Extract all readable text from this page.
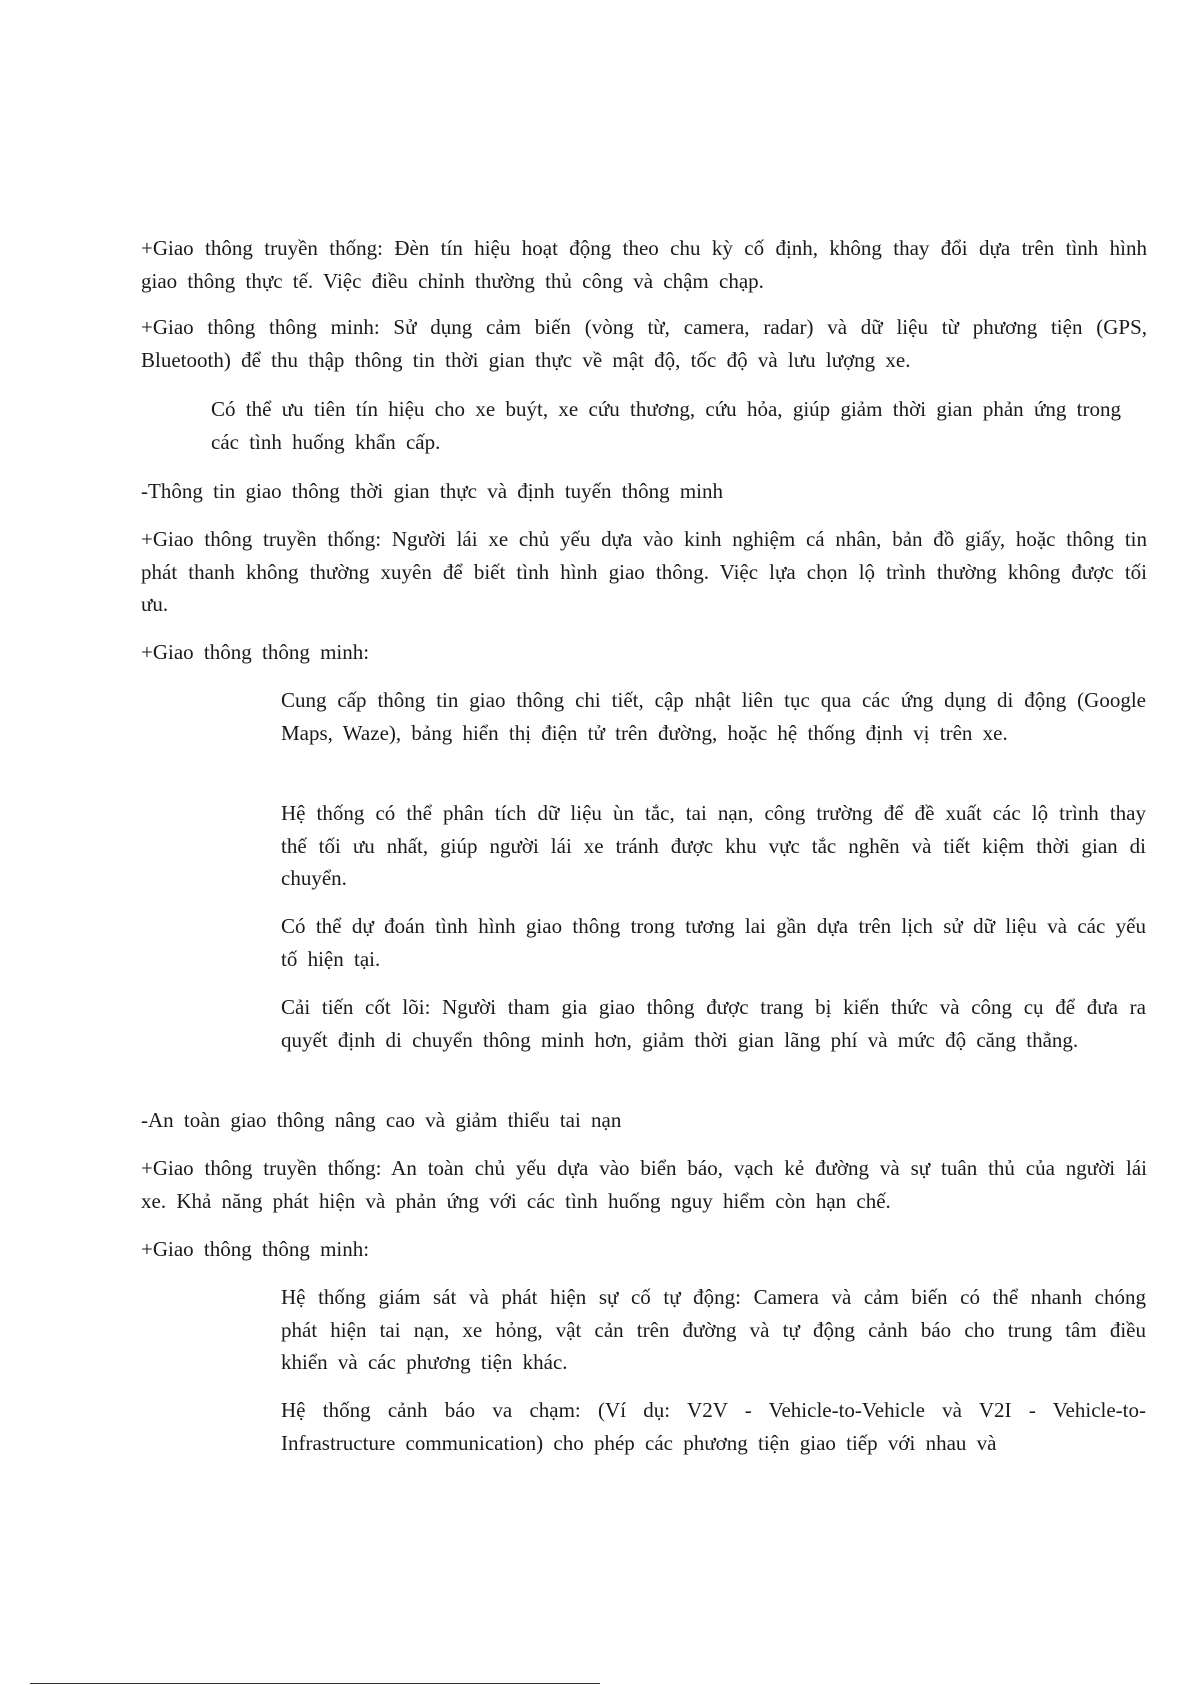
+Giao thông truyền thống: Đèn tín hiệu hoạt động theo chu kỳ cố định, không thay đổi dựa trên tình hình giao thông thực tế. Việc điều chỉnh thường thủ công và chậm chạp.

+Giao thông thông minh: Sử dụng cảm biến (vòng từ, camera, radar) và dữ liệu từ phương tiện (GPS, Bluetooth) để thu thập thông tin thời gian thực về mật độ, tốc độ và lưu lượng xe.

Có thể ưu tiên tín hiệu cho xe buýt, xe cứu thương, cứu hỏa, giúp giảm thời gian phản ứng trong các tình huống khẩn cấp.

-Thông tin giao thông thời gian thực và định tuyến thông minh

+Giao thông truyền thống: Người lái xe chủ yếu dựa vào kinh nghiệm cá nhân, bản đồ giấy, hoặc thông tin phát thanh không thường xuyên để biết tình hình giao thông. Việc lựa chọn lộ trình thường không được tối ưu.

+Giao thông thông minh:

Cung cấp thông tin giao thông chi tiết, cập nhật liên tục qua các ứng dụng di động (Google Maps, Waze), bảng hiển thị điện tử trên đường, hoặc hệ thống định vị trên xe.

Hệ thống có thể phân tích dữ liệu ùn tắc, tai nạn, công trường để đề xuất các lộ trình thay thế tối ưu nhất, giúp người lái xe tránh được khu vực tắc nghẽn và tiết kiệm thời gian di chuyển.

Có thể dự đoán tình hình giao thông trong tương lai gần dựa trên lịch sử dữ liệu và các yếu tố hiện tại.

Cải tiến cốt lõi: Người tham gia giao thông được trang bị kiến thức và công cụ để đưa ra quyết định di chuyển thông minh hơn, giảm thời gian lãng phí và mức độ căng thẳng.

-An toàn giao thông nâng cao và giảm thiểu tai nạn

+Giao thông truyền thống: An toàn chủ yếu dựa vào biển báo, vạch kẻ đường và sự tuân thủ của người lái xe. Khả năng phát hiện và phản ứng với các tình huống nguy hiểm còn hạn chế.

+Giao thông thông minh:

Hệ thống giám sát và phát hiện sự cố tự động: Camera và cảm biến có thể nhanh chóng phát hiện tai nạn, xe hỏng, vật cản trên đường và tự động cảnh báo cho trung tâm điều khiển và các phương tiện khác.

Hệ thống cảnh báo va chạm: (Ví dụ: V2V - Vehicle-to-Vehicle và V2I - Vehicle-to-Infrastructure communication) cho phép các phương tiện giao tiếp với nhau và
